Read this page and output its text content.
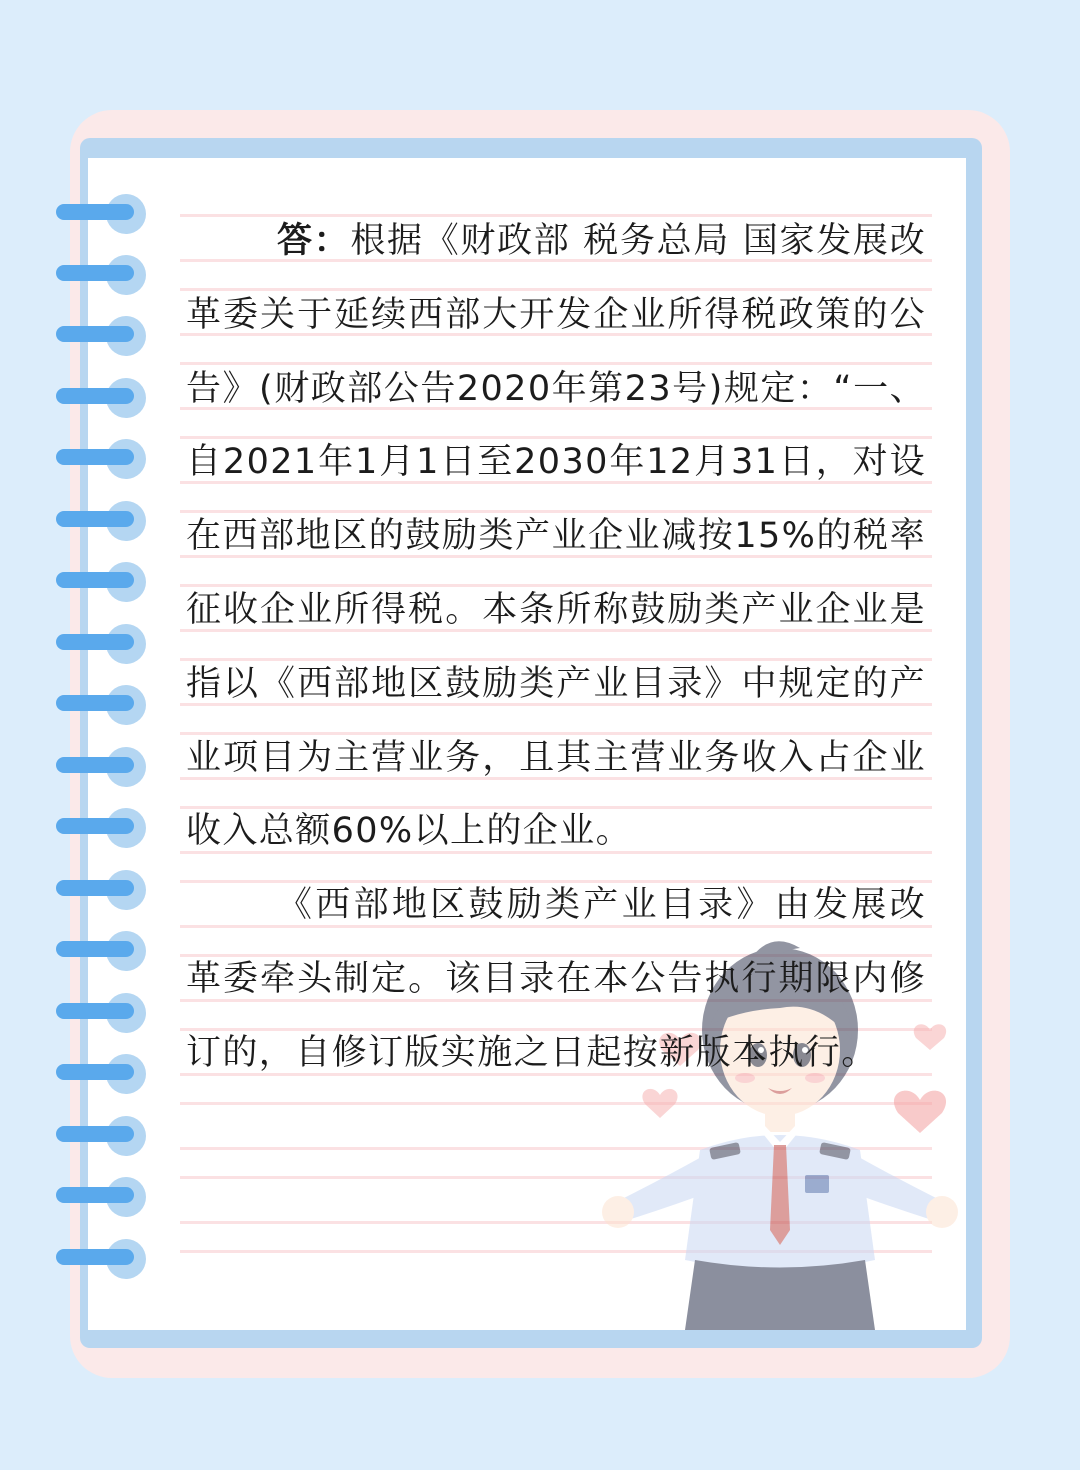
答：根据《财政部 税务总局 国家发展改革委关于延续西部大开发企业所得税政策的公告》(财政部公告2020年第23号)规定：“一、自2021年1月1日至2030年12月31日，对设在西部地区的鼓励类产业企业减按15%的税率征收企业所得税。本条所称鼓励类产业企业是指以《西部地区鼓励类产业目录》中规定的产业项目为主营业务，且其主营业务收入占企业收入总额60%以上的企业。

《西部地区鼓励类产业目录》由发展改革委牵头制定。该目录在本公告执行期限内修订的，自修订版实施之日起按新版本执行。
